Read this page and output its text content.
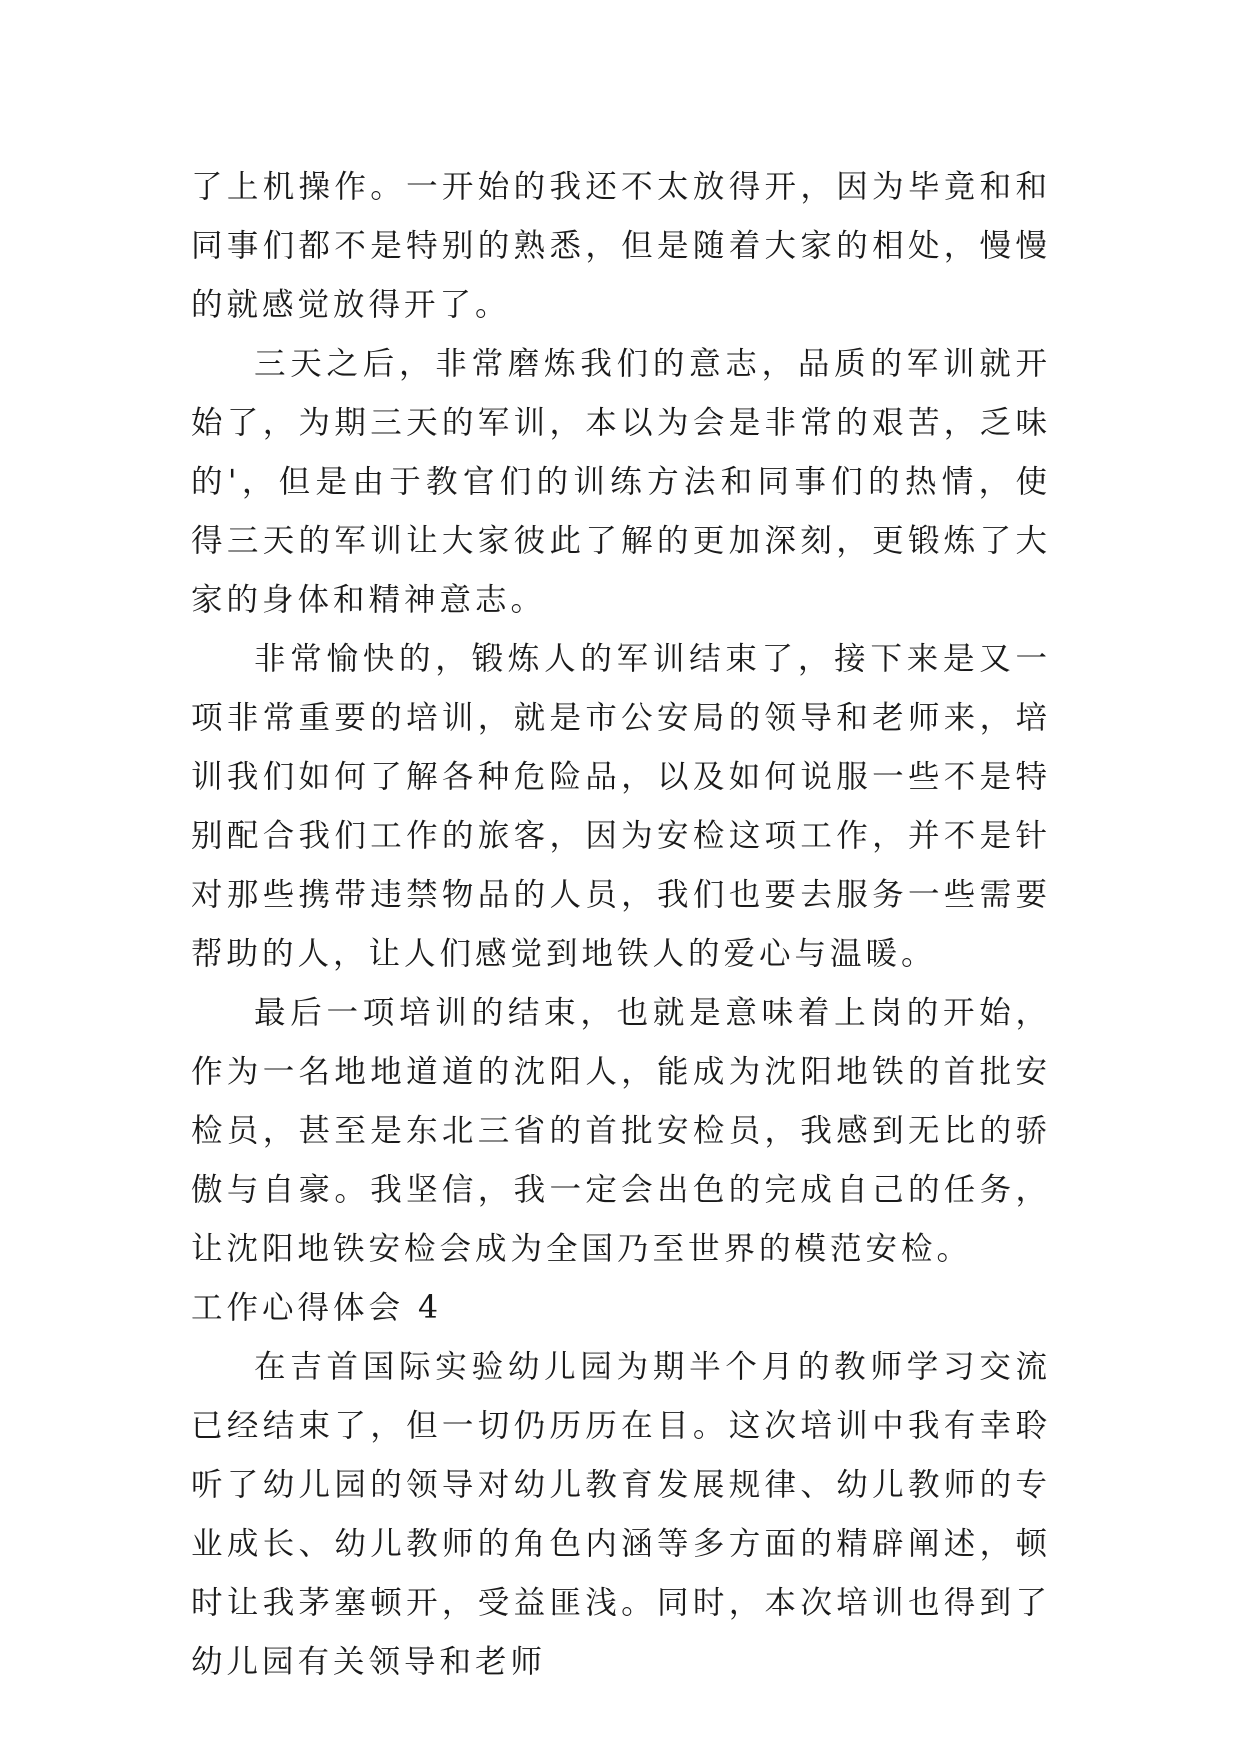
了上机操作。一开始的我还不太放得开，因为毕竟和和同事们都不是特别的熟悉，但是随着大家的相处，慢慢的就感觉放得开了。

三天之后，非常磨炼我们的意志，品质的军训就开始了，为期三天的军训，本以为会是非常的艰苦，乏味的'，但是由于教官们的训练方法和同事们的热情，使得三天的军训让大家彼此了解的更加深刻，更锻炼了大家的身体和精神意志。

非常愉快的，锻炼人的军训结束了，接下来是又一项非常重要的培训，就是市公安局的领导和老师来，培训我们如何了解各种危险品，以及如何说服一些不是特别配合我们工作的旅客，因为安检这项工作，并不是针对那些携带违禁物品的人员，我们也要去服务一些需要帮助的人，让人们感觉到地铁人的爱心与温暖。

最后一项培训的结束，也就是意味着上岗的开始，作为一名地地道道的沈阳人，能成为沈阳地铁的首批安检员，甚至是东北三省的首批安检员，我感到无比的骄傲与自豪。我坚信，我一定会出色的完成自己的任务，让沈阳地铁安检会成为全国乃至世界的模范安检。

工作心得体会 4

在吉首国际实验幼儿园为期半个月的教师学习交流已经结束了，但一切仍历历在目。这次培训中我有幸聆听了幼儿园的领导对幼儿教育发展规律、幼儿教师的专业成长、幼儿教师的角色内涵等多方面的精辟阐述，顿时让我茅塞顿开，受益匪浅。同时，本次培训也得到了幼儿园有关领导和老师
